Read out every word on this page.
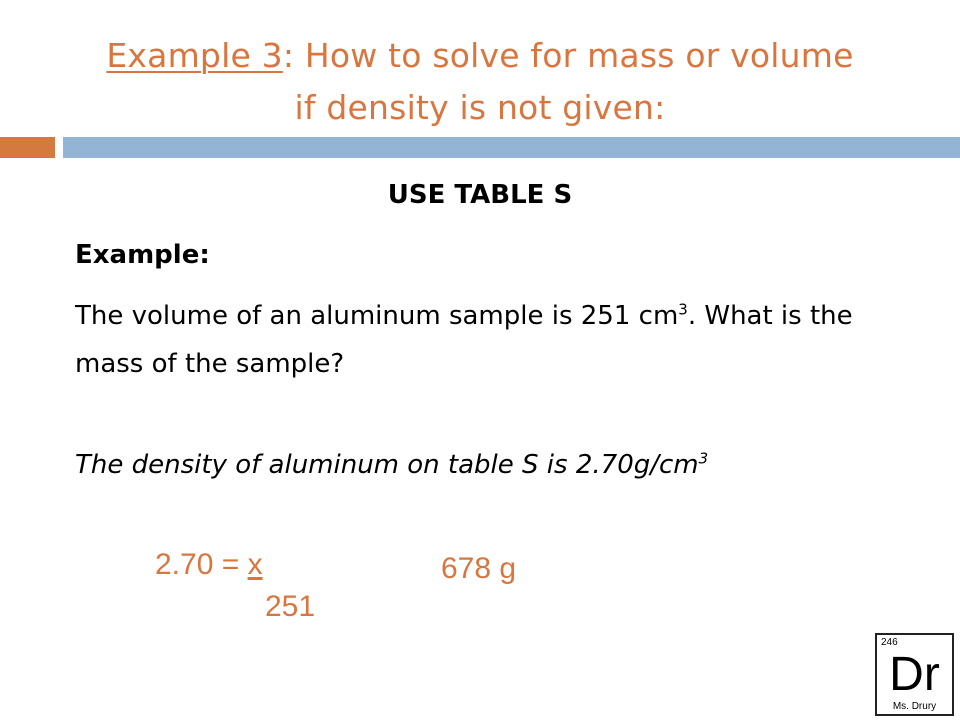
Example 3: How to solve for mass or volume
if density is not given:
USE TABLE S
Example:
The volume of an aluminum sample is 251 $cm^3$. What is the mass of the sample?
The density of aluminum on table S is $2.70g/cm^3$
2.70 = x
251
678 g
246
Dr
Ms. Drury
